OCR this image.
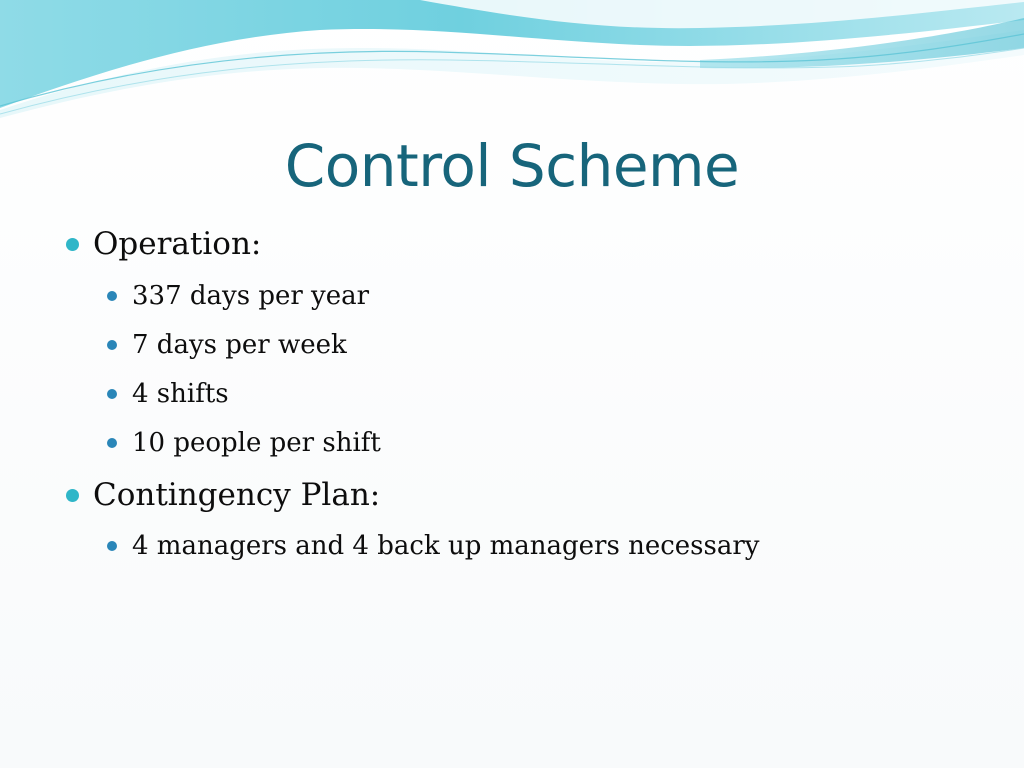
Control Scheme
Operation:
337 days per year
7 days per week
4 shifts
10 people per shift
Contingency Plan:
4 managers and 4 back up managers necessary
